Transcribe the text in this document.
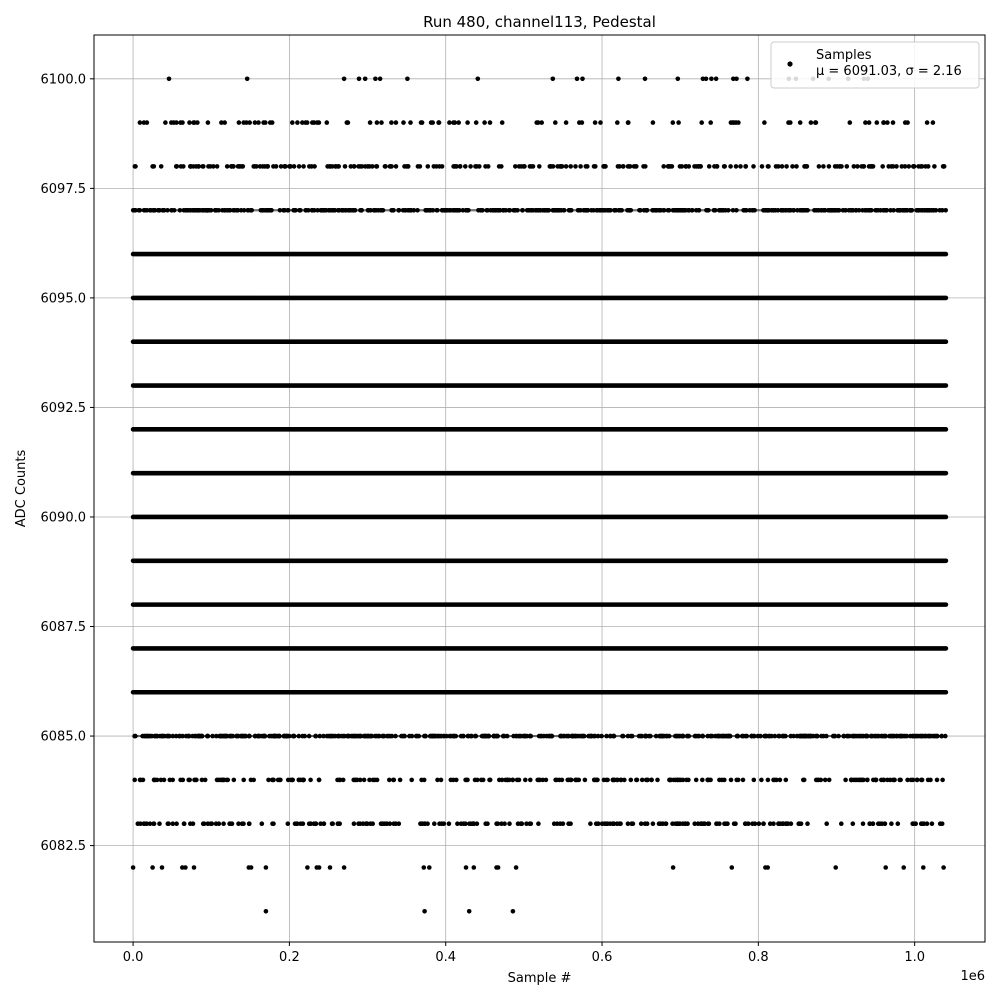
0.0	0.2	0.4	0.6	0.8	1.0
6082.5
6085.0
6087.5
6090.0
6092.5
6095.0
6097.5
6100.0
Run 480, channel113, Pedestal
Sample #
ADC Counts
1e6
Samples
μ = 6091.03, σ = 2.16
